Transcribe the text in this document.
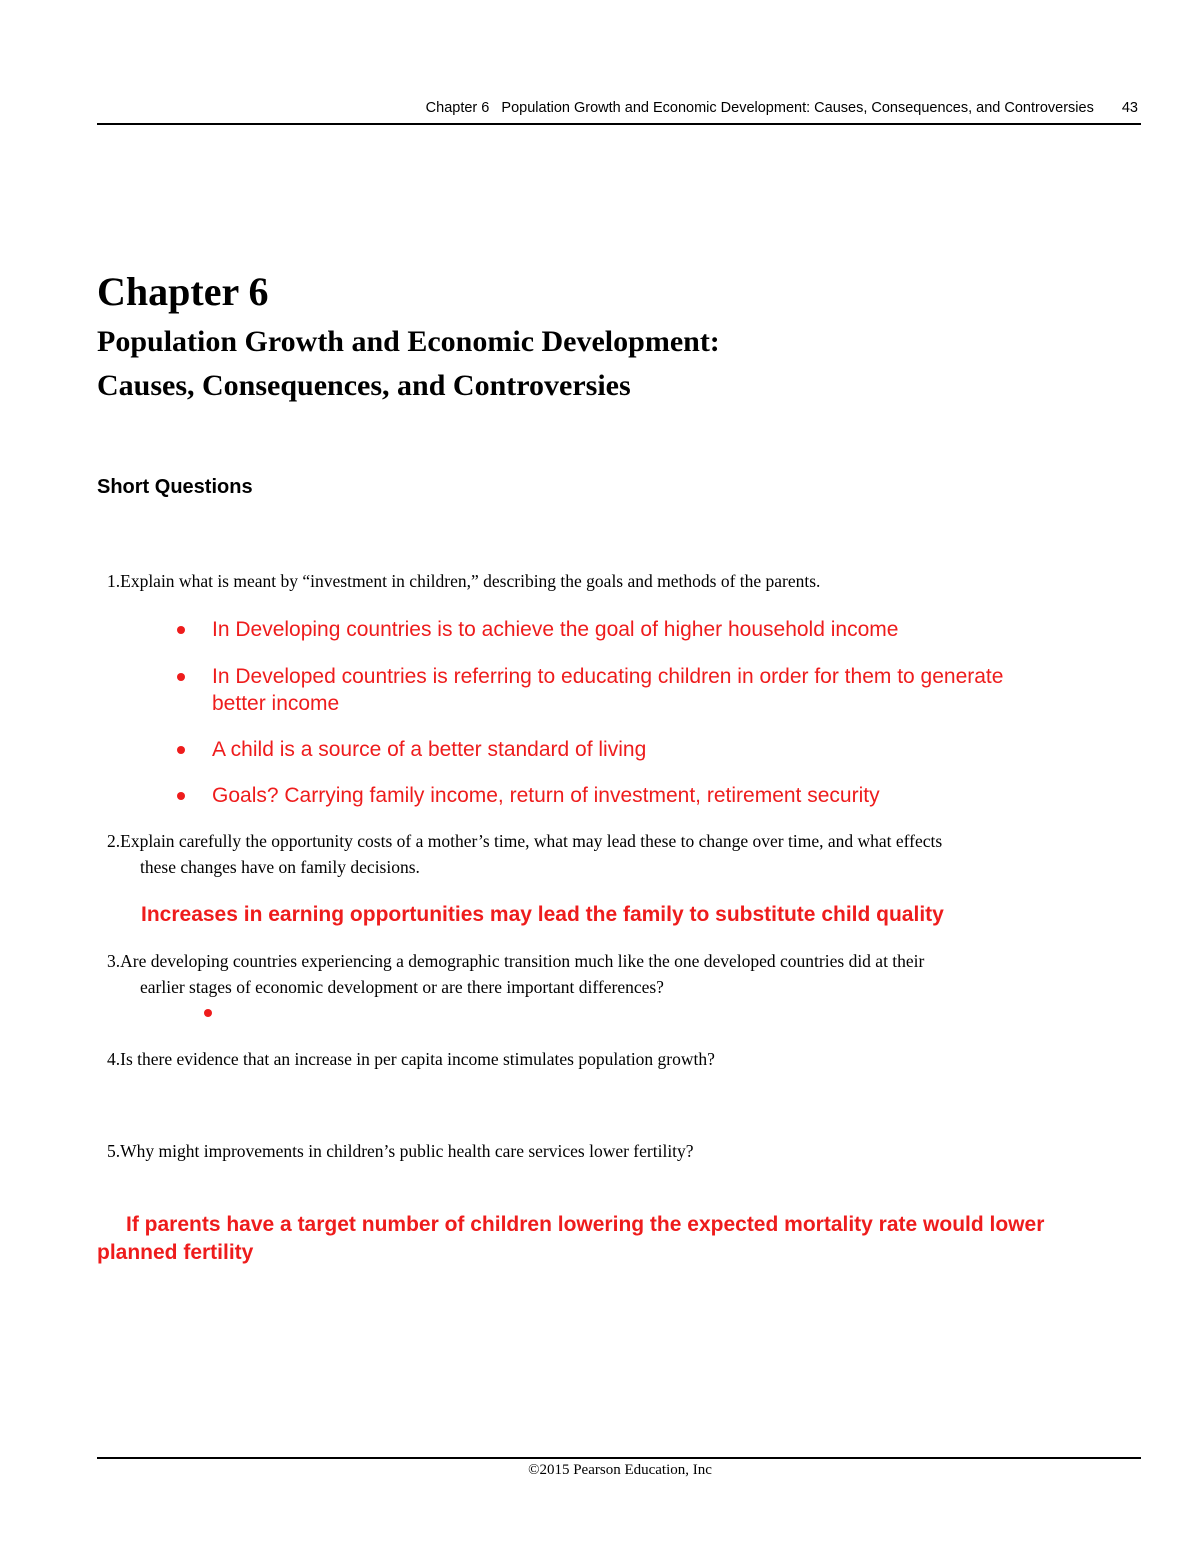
Chapter 6   Population Growth and Economic Development: Causes, Consequences, and Controversies 43
Chapter 6
Population Growth and Economic Development:
Causes, Consequences, and Controversies
Short Questions
1.Explain what is meant by “investment in children,” describing the goals and methods of the parents.
In Developing countries is to achieve the goal of higher household income
In Developed countries is referring to educating children in order for them to generate
better income
A child is a source of a better standard of living
Goals? Carrying family income, return of investment, retirement security
2.Explain carefully the opportunity costs of a mother’s time, what may lead these to change over time, and what effects
these changes have on family decisions.
Increases in earning opportunities may lead the family to substitute child quality
3.Are developing countries experiencing a demographic transition much like the one developed countries did at their
earlier stages of economic development or are there important differences?
4.Is there evidence that an increase in per capita income stimulates population growth?
5.Why might improvements in children’s public health care services lower fertility?
If parents have a target number of children lowering the expected mortality rate would lower
planned fertility
©2015 Pearson Education, Inc
